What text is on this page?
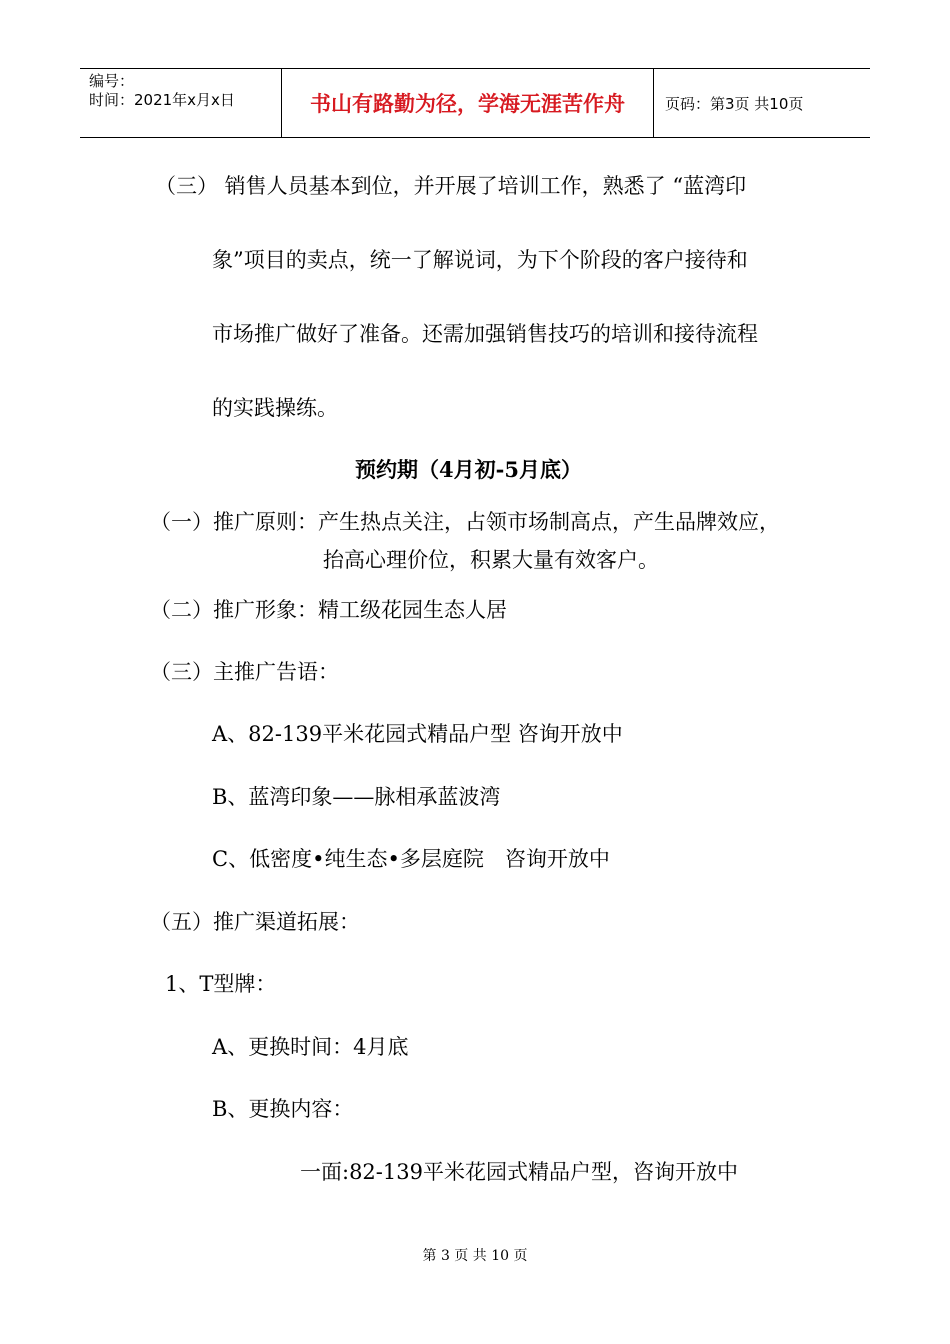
编号：
时间：2021年x月x日	书山有路勤为径，学海无涯苦作舟	页码：第3页 共10页
（三） 销售人员基本到位，并开展了培训工作，熟悉了 “蓝湾印
象”项目的卖点，统一了解说词，为下个阶段的客户接待和
市场推广做好了准备。还需加强销售技巧的培训和接待流程
的实践操练。
预约期（4月初-5月底）
（一）推广原则：产生热点关注，占领市场制高点，产生品牌效应，
抬高心理价位，积累大量有效客户。
（二）推广形象：精工级花园生态人居
（三）主推广告语：
A、82-139平米花园式精品户型 咨询开放中
B、蓝湾印象——脉相承蓝波湾
C、低密度•纯生态•多层庭院　咨询开放中
（五）推广渠道拓展：
1、T型牌：
A、更换时间：4月底
B、更换内容：
一面:82-139平米花园式精品户型，咨询开放中
第 3 页 共 10 页
